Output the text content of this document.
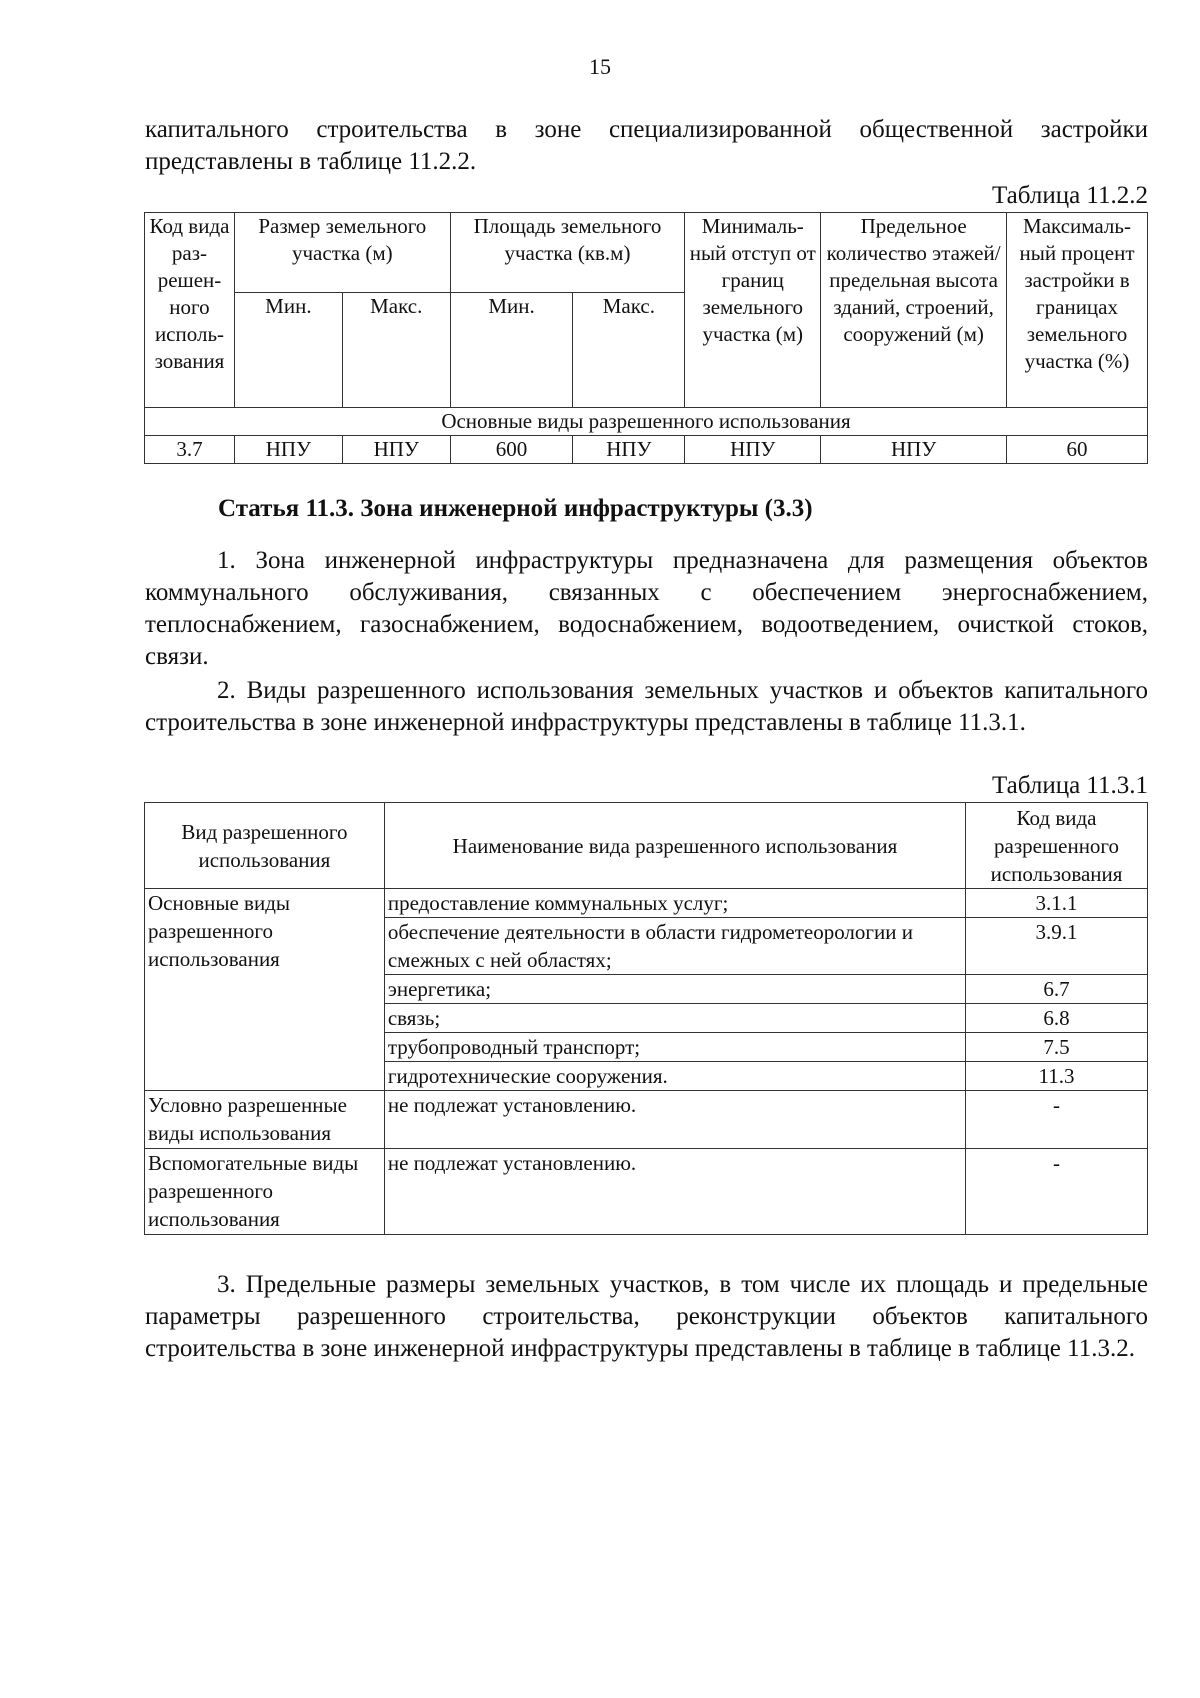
15

капитального строительства в зоне специализированной общественной застройки представлены в таблице 11.2.2.

Таблица 11.2.2
Код вида раз-решен-ного исполь-зования	Размер земельного участка (м)		Площадь земельного участка (кв.м)		Минималь-ный отступ от границ земельного участка (м)	Предельное количество этажей/ предельная высота зданий, строений, сооружений (м)	Максималь-ный процент застройки в границах земельного участка (%)
	Мин.	Макс.	Мин.	Макс.			
Основные виды разрешенного использования							
3.7	НПУ	НПУ	600	НПУ	НПУ	НПУ	60

Статья 11.3. Зона инженерной инфраструктуры (3.3)

1. Зона инженерной инфраструктуры предназначена для размещения объектов коммунального обслуживания, связанных с обеспечением энергоснабжением, теплоснабжением, газоснабжением, водоснабжением, водоотведением, очисткой стоков, связи.

2. Виды разрешенного использования земельных участков и объектов капитального строительства в зоне инженерной инфраструктуры представлены в таблице 11.3.1.

Таблица 11.3.1
Вид разрешенного использования	Наименование вида разрешенного использования	Код вида разрешенного использования
Основные виды разрешенного использования	предоставление коммунальных услуг;	3.1.1
	обеспечение деятельности в области гидрометеорологии и смежных с ней областях;	3.9.1
	энергетика;	6.7
	связь;	6.8
	трубопроводный транспорт;	7.5
	гидротехнические сооружения.	11.3
Условно разрешенные виды использования	не подлежат установлению.	-
Вспомогательные виды разрешенного использования	не подлежат установлению.	-

3. Предельные размеры земельных участков, в том числе их площадь и предельные параметры разрешенного строительства, реконструкции объектов капитального строительства в зоне инженерной инфраструктуры представлены в таблице в таблице 11.3.2.
